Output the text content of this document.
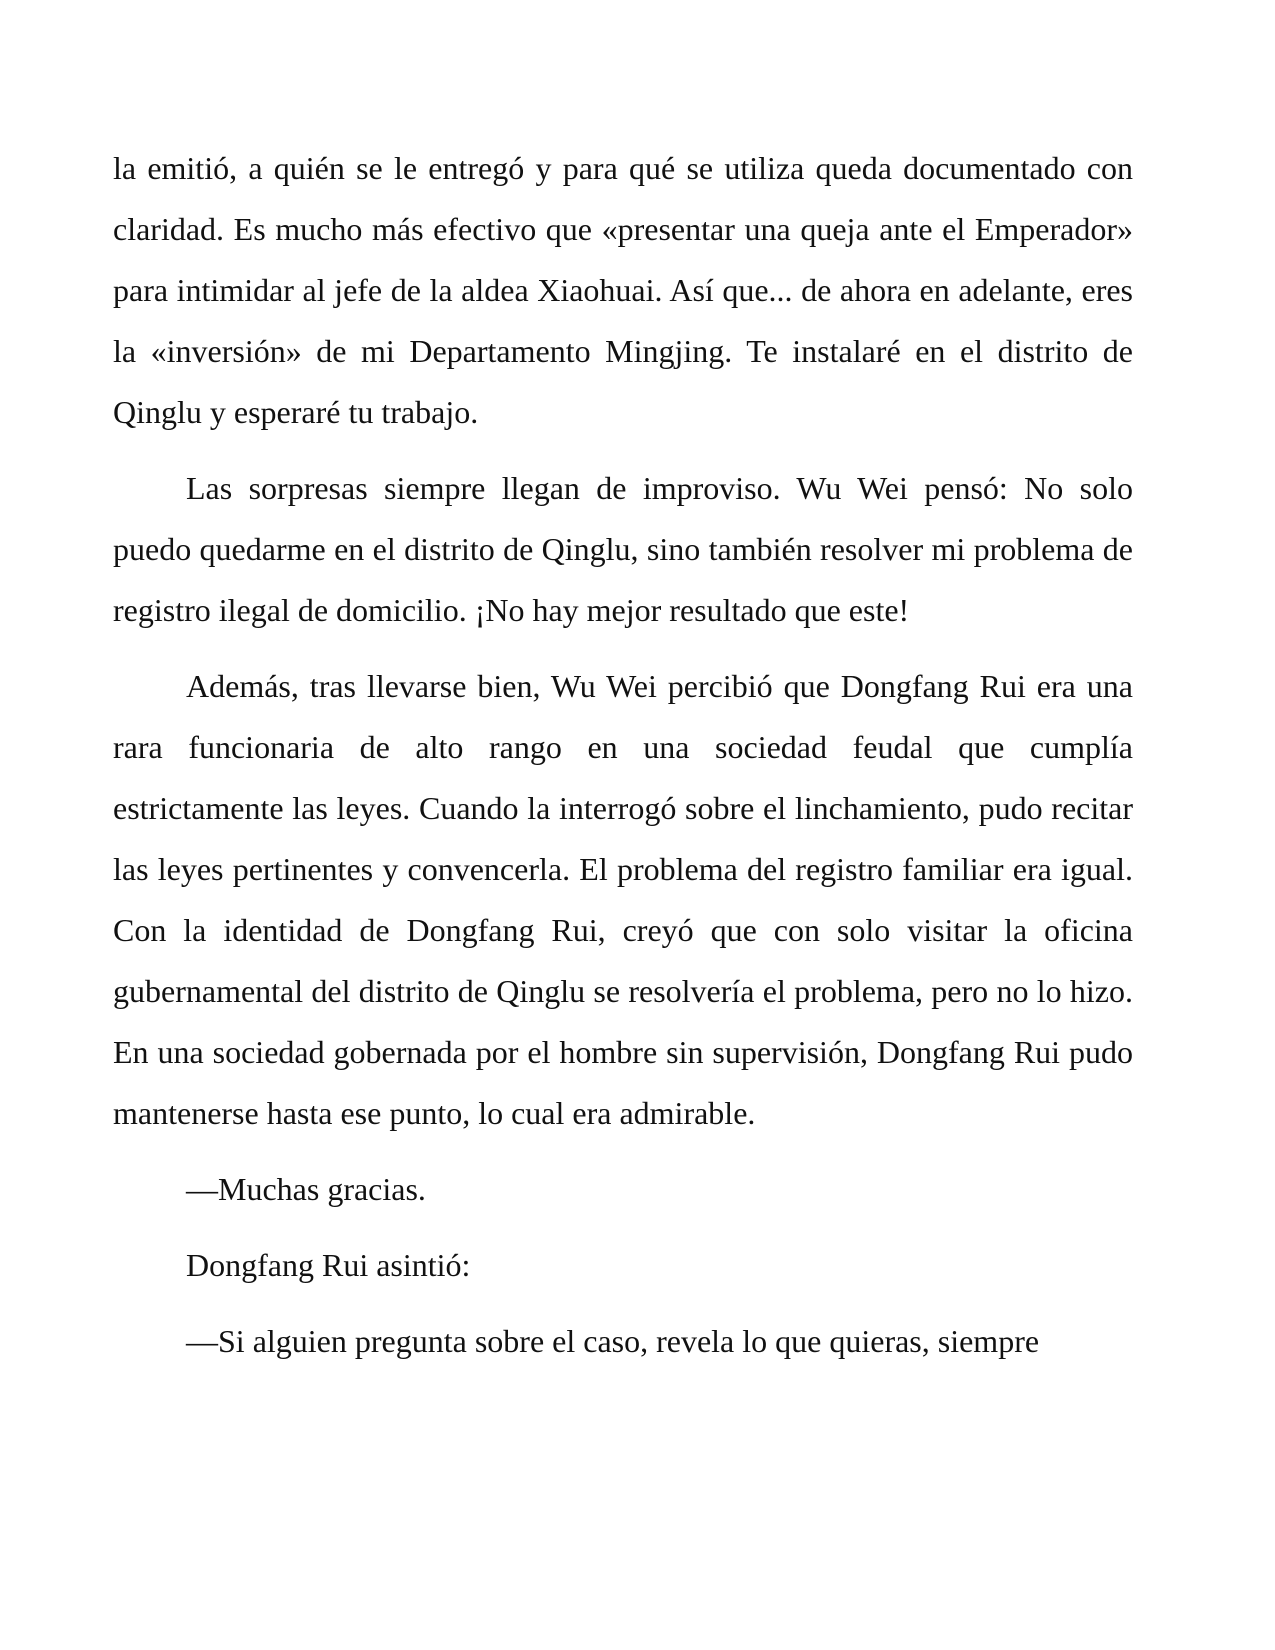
la emitió, a quién se le entregó y para qué se utiliza queda documentado con claridad. Es mucho más efectivo que «presentar una queja ante el Emperador» para intimidar al jefe de la aldea Xiaohuai. Así que... de ahora en adelante, eres la «inversión» de mi Departamento Mingjing. Te instalaré en el distrito de Qinglu y esperaré tu trabajo.

Las sorpresas siempre llegan de improviso. Wu Wei pensó: No solo puedo quedarme en el distrito de Qinglu, sino también resolver mi problema de registro ilegal de domicilio. ¡No hay mejor resultado que este!

Además, tras llevarse bien, Wu Wei percibió que Dongfang Rui era una rara funcionaria de alto rango en una sociedad feudal que cumplía estrictamente las leyes. Cuando la interrogó sobre el linchamiento, pudo recitar las leyes pertinentes y convencerla. El problema del registro familiar era igual. Con la identidad de Dongfang Rui, creyó que con solo visitar la oficina gubernamental del distrito de Qinglu se resolvería el problema, pero no lo hizo. En una sociedad gobernada por el hombre sin supervisión, Dongfang Rui pudo mantenerse hasta ese punto, lo cual era admirable.

—Muchas gracias.

Dongfang Rui asintió:

—Si alguien pregunta sobre el caso, revela lo que quieras, siempre
